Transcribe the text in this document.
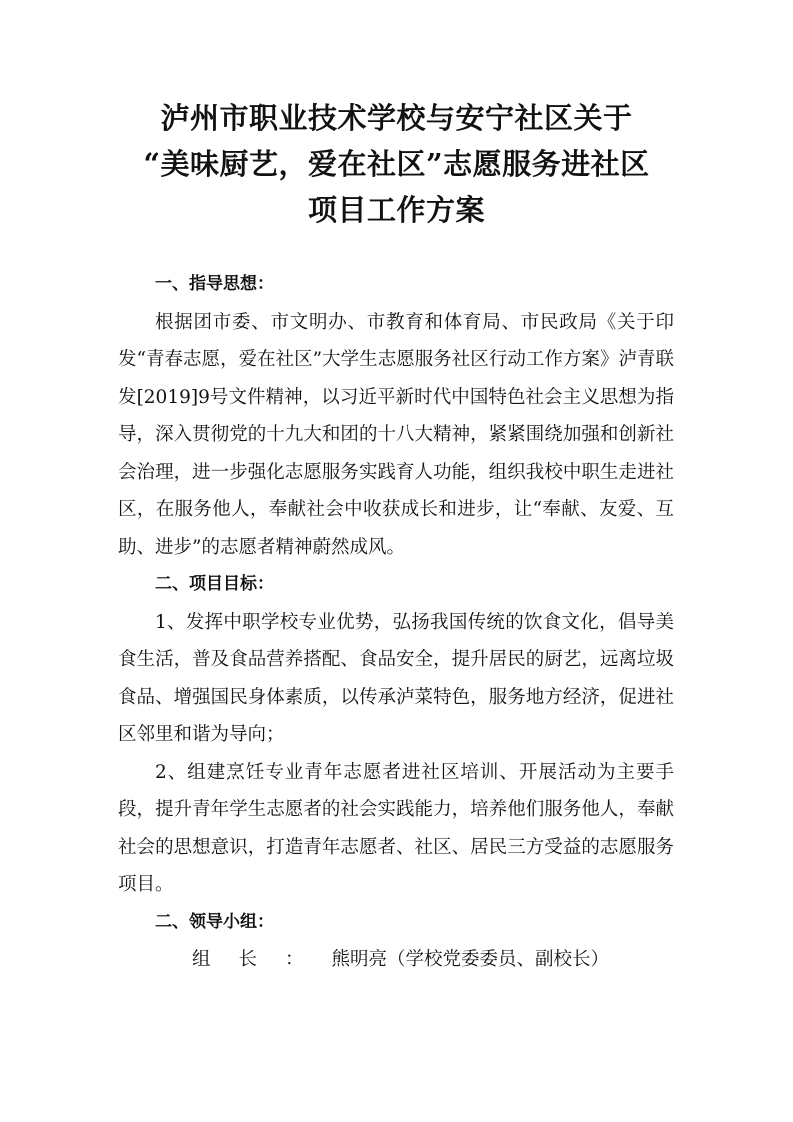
泸州市职业技术学校与安宁社区关于
“美味厨艺，爱在社区”志愿服务进社区
项目工作方案

一、指导思想：

根据团市委、市文明办、市教育和体育局、市民政局《关于印发“青春志愿，爱在社区”大学生志愿服务社区行动工作方案》泸青联发[2019]9号文件精神，以习近平新时代中国特色社会主义思想为指导，深入贯彻党的十九大和团的十八大精神，紧紧围绕加强和创新社会治理，进一步强化志愿服务实践育人功能，组织我校中职生走进社区，在服务他人，奉献社会中收获成长和进步，让“奉献、友爱、互助、进步”的志愿者精神蔚然成风。

二、项目目标：

1、发挥中职学校专业优势，弘扬我国传统的饮食文化，倡导美食生活，普及食品营养搭配、食品安全，提升居民的厨艺，远离垃圾食品、增强国民身体素质，以传承泸菜特色，服务地方经济，促进社区邻里和谐为导向；

2、组建烹饪专业青年志愿者进社区培训、开展活动为主要手段，提升青年学生志愿者的社会实践能力，培养他们服务他人，奉献社会的思想意识，打造青年志愿者、社区、居民三方受益的志愿服务项目。

二、领导小组：

组长：熊明亮（学校党委委员、副校长）
